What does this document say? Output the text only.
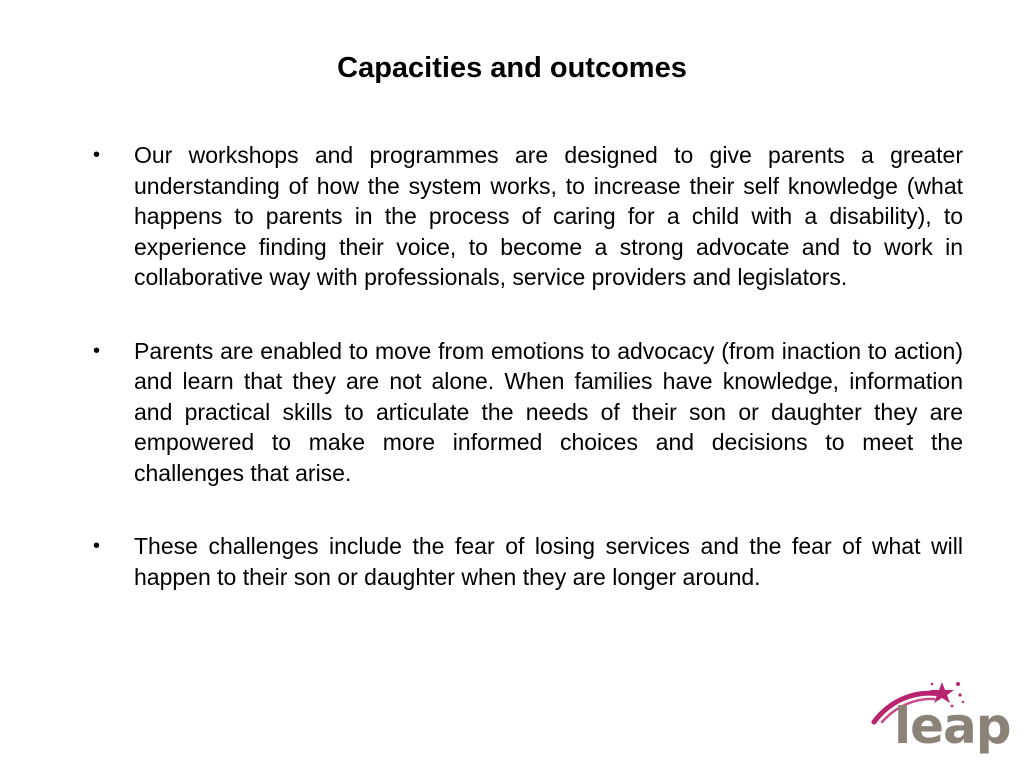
Capacities and outcomes
• Our workshops and programmes are designed to give parents a greater understanding of how the system works, to increase their self knowledge (what happens to parents in the process of caring for a child with a disability), to experience finding their voice, to become a strong advocate and to work in collaborative way with professionals, service providers and legislators.
• Parents are enabled to move from emotions to advocacy (from inaction to action) and learn that they are not alone. When families have knowledge, information and practical skills to articulate the needs of their son or daughter they are empowered to make more informed choices and decisions to meet the challenges that arise.
• These challenges include the fear of losing services and the fear of what will happen to their son or daughter when they are longer around.
leap
